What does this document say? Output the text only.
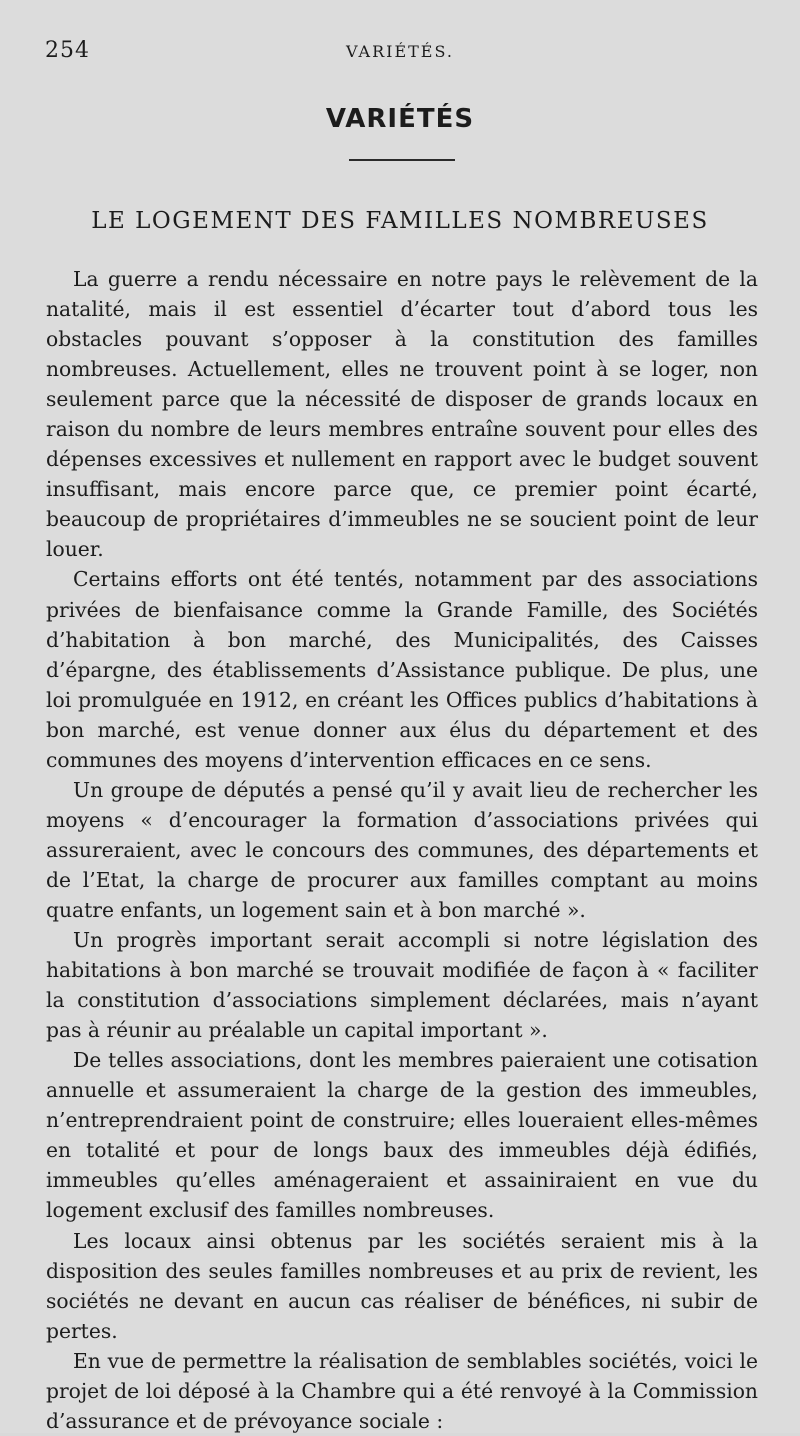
254	VARIÉTÉS.
VARIÉTÉS
LE LOGEMENT DES FAMILLES NOMBREUSES

La guerre a rendu nécessaire en notre pays le relèvement de la natalité, mais il est essentiel d’écarter tout d’abord tous les obstacles pouvant s’opposer à la constitution des familles nombreuses. Actuellement, elles ne trouvent point à se loger, non seulement parce que la nécessité de disposer de grands locaux en raison du nombre de leurs membres entraîne souvent pour elles des dépenses excessives et nullement en rapport avec le budget souvent insuffisant, mais encore parce que, ce premier point écarté, beaucoup de propriétaires d’immeubles ne se soucient point de leur louer.

Certains efforts ont été tentés, notamment par des associations privées de bienfaisance comme la Grande Famille, des Sociétés d’habitation à bon marché, des Municipalités, des Caisses d’épargne, des établissements d’Assistance publique. De plus, une loi promulguée en 1912, en créant les Offices publics d’habitations à bon marché, est venue donner aux élus du département et des communes des moyens d’intervention efficaces en ce sens.

Un groupe de députés a pensé qu’il y avait lieu de rechercher les moyens « d’encourager la formation d’associations privées qui assureraient, avec le concours des communes, des départements et de l’Etat, la charge de procurer aux familles comptant au moins quatre enfants, un logement sain et à bon marché ».

Un progrès important serait accompli si notre législation des habitations à bon marché se trouvait modifiée de façon à « faciliter la constitution d’associations simplement déclarées, mais n’ayant pas à réunir au préalable un capital important ».

De telles associations, dont les membres paieraient une cotisation annuelle et assumeraient la charge de la gestion des immeubles, n’entreprendraient point de construire; elles loueraient elles-mêmes en totalité et pour de longs baux des immeubles déjà édifiés, immeubles qu’elles aménageraient et assainiraient en vue du logement exclusif des familles nombreuses.

Les locaux ainsi obtenus par les sociétés seraient mis à la disposition des seules familles nombreuses et au prix de revient, les sociétés ne devant en aucun cas réaliser de bénéfices, ni subir de pertes.

En vue de permettre la réalisation de semblables sociétés, voici le projet de loi déposé à la Chambre qui a été renvoyé à la Commission d’assurance et de prévoyance sociale :
